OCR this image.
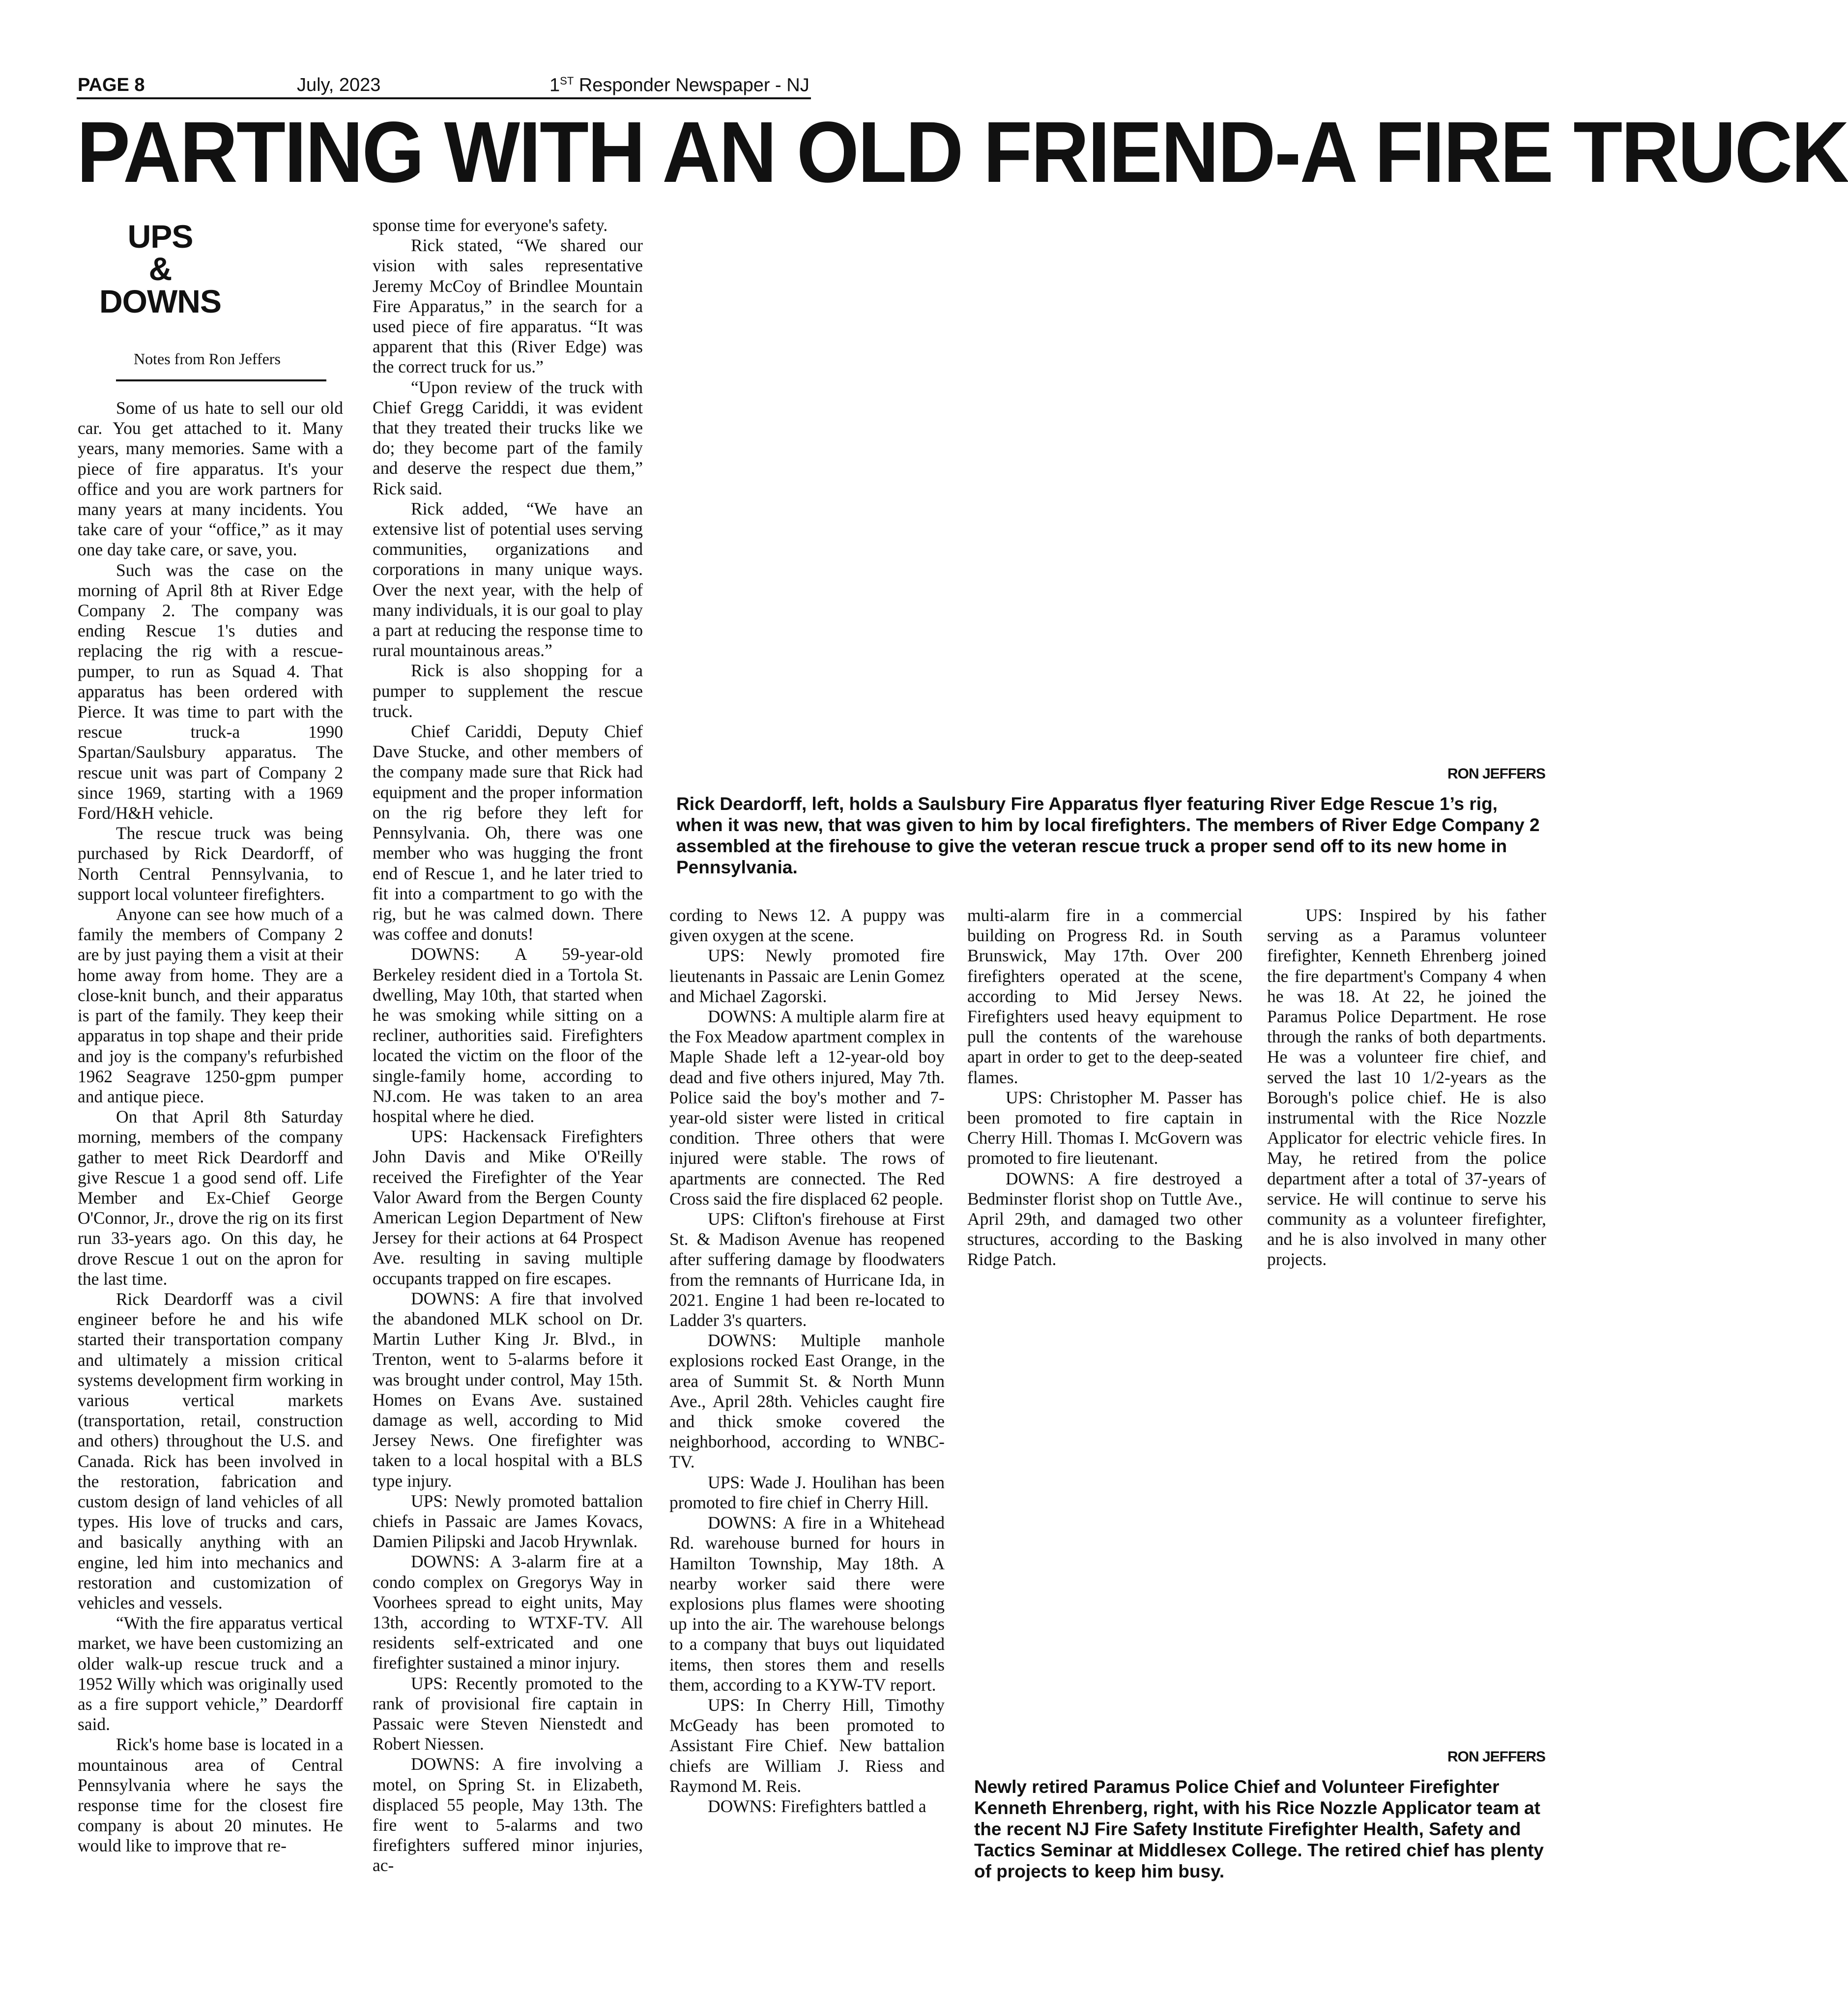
PAGE 8	July, 2023	1ST Responder Newspaper - NJ
PARTING WITH AN OLD FRIEND-A FIRE TRUCK
UPS
&
DOWNS
Notes from Ron Jeffers

Some of us hate to sell our old car. You get attached to it. Many years, many memories. Same with a piece of fire apparatus. It's your office and you are work partners for many years at many incidents. You take care of your “office,” as it may one day take care, or save, you.

Such was the case on the morning of April 8th at River Edge Company 2. The company was ending Rescue 1's duties and replacing the rig with a rescue-pumper, to run as Squad 4. That apparatus has been ordered with Pierce. It was time to part with the rescue truck-a 1990 Spartan/Saulsbury apparatus. The rescue unit was part of Company 2 since 1969, starting with a 1969 Ford/H&H vehicle.

The rescue truck was being purchased by Rick Deardorff, of North Central Pennsylvania, to support local volunteer firefighters.

Anyone can see how much of a family the members of Company 2 are by just paying them a visit at their home away from home. They are a close-knit bunch, and their apparatus is part of the family. They keep their apparatus in top shape and their pride and joy is the company's refurbished 1962 Seagrave 1250-gpm pumper and antique piece.

On that April 8th Saturday morning, members of the company gather to meet Rick Deardorff and give Rescue 1 a good send off. Life Member and Ex-Chief George O'Connor, Jr., drove the rig on its first run 33-years ago. On this day, he drove Rescue 1 out on the apron for the last time.

Rick Deardorff was a civil engineer before he and his wife started their transportation company and ultimately a mission critical systems development firm working in various vertical markets (transportation, retail, construction and others) throughout the U.S. and Canada. Rick has been involved in the restoration, fabrication and custom design of land vehicles of all types. His love of trucks and cars, and basically anything with an engine, led him into mechanics and restoration and customization of vehicles and vessels.

“With the fire apparatus vertical market, we have been customizing an older walk-up rescue truck and a 1952 Willy which was originally used as a fire support vehicle,” Deardorff said.

Rick's home base is located in a mountainous area of Central Pennsylvania where he says the response time for the closest fire company is about 20 minutes. He would like to improve that re-

sponse time for everyone's safety.

Rick stated, “We shared our vision with sales representative Jeremy McCoy of Brindlee Mountain Fire Apparatus,” in the search for a used piece of fire apparatus. “It was apparent that this (River Edge) was the correct truck for us.”

“Upon review of the truck with Chief Gregg Cariddi, it was evident that they treated their trucks like we do; they become part of the family and deserve the respect due them,” Rick said.

Rick added, “We have an extensive list of potential uses serving communities, organizations and corporations in many unique ways. Over the next year, with the help of many individuals, it is our goal to play a part at reducing the response time to rural mountainous areas.”

Rick is also shopping for a pumper to supplement the rescue truck.

Chief Cariddi, Deputy Chief Dave Stucke, and other members of the company made sure that Rick had equipment and the proper information on the rig before they left for Pennsylvania. Oh, there was one member who was hugging the front end of Rescue 1, and he later tried to fit into a compartment to go with the rig, but he was calmed down. There was coffee and donuts!

DOWNS: A 59-year-old Berkeley resident died in a Tortola St. dwelling, May 10th, that started when he was smoking while sitting on a recliner, authorities said. Firefighters located the victim on the floor of the single-family home, according to NJ.com. He was taken to an area hospital where he died.

UPS: Hackensack Firefighters John Davis and Mike O'Reilly received the Firefighter of the Year Valor Award from the Bergen County American Legion Department of New Jersey for their actions at 64 Prospect Ave. resulting in saving multiple occupants trapped on fire escapes.

DOWNS: A fire that involved the abandoned MLK school on Dr. Martin Luther King Jr. Blvd., in Trenton, went to 5-alarms before it was brought under control, May 15th. Homes on Evans Ave. sustained damage as well, according to Mid Jersey News. One firefighter was taken to a local hospital with a BLS type injury.

UPS: Newly promoted battalion chiefs in Passaic are James Kovacs, Damien Pilipski and Jacob Hrywnlak.

DOWNS: A 3-alarm fire at a condo complex on Gregorys Way in Voorhees spread to eight units, May 13th, according to WTXF-TV. All residents self-extricated and one firefighter sustained a minor injury.

UPS: Recently promoted to the rank of provisional fire captain in Passaic were Steven Nienstedt and Robert Niessen.

DOWNS: A fire involving a motel, on Spring St. in Elizabeth, displaced 55 people, May 13th. The fire went to 5-alarms and two firefighters suffered minor injuries, ac-

RON JEFFERS
Rick Deardorff, left, holds a Saulsbury Fire Apparatus flyer featuring River Edge Rescue 1’s rig, when it was new, that was given to him by local firefighters. The members of River Edge Company 2 assembled at the firehouse to give the veteran rescue truck a proper send off to its new home in Pennsylvania.

cording to News 12. A puppy was given oxygen at the scene.

UPS: Newly promoted fire lieutenants in Passaic are Lenin Gomez and Michael Zagorski.

DOWNS: A multiple alarm fire at the Fox Meadow apartment complex in Maple Shade left a 12-year-old boy dead and five others injured, May 7th. Police said the boy's mother and 7-year-old sister were listed in critical condition. Three others that were injured were stable. The rows of apartments are connected. The Red Cross said the fire displaced 62 people.

UPS: Clifton's firehouse at First St. & Madison Avenue has reopened after suffering damage by floodwaters from the remnants of Hurricane Ida, in 2021. Engine 1 had been re-located to Ladder 3's quarters.

DOWNS: Multiple manhole explosions rocked East Orange, in the area of Summit St. & North Munn Ave., April 28th. Vehicles caught fire and thick smoke covered the neighborhood, according to WNBC-TV.

UPS: Wade J. Houlihan has been promoted to fire chief in Cherry Hill.

DOWNS: A fire in a Whitehead Rd. warehouse burned for hours in Hamilton Township, May 18th. A nearby worker said there were explosions plus flames were shooting up into the air. The warehouse belongs to a company that buys out liquidated items, then stores them and resells them, according to a KYW-TV report.

UPS: In Cherry Hill, Timothy McGeady has been promoted to Assistant Fire Chief. New battalion chiefs are William J. Riess and Raymond M. Reis.

DOWNS: Firefighters battled a

multi-alarm fire in a commercial building on Progress Rd. in South Brunswick, May 17th. Over 200 firefighters operated at the scene, according to Mid Jersey News. Firefighters used heavy equipment to pull the contents of the warehouse apart in order to get to the deep-seated flames.

UPS: Christopher M. Passer has been promoted to fire captain in Cherry Hill. Thomas I. McGovern was promoted to fire lieutenant.

DOWNS: A fire destroyed a Bedminster florist shop on Tuttle Ave., April 29th, and damaged two other structures, according to the Basking Ridge Patch.

UPS: Inspired by his father serving as a Paramus volunteer firefighter, Kenneth Ehrenberg joined the fire department's Company 4 when he was 18. At 22, he joined the Paramus Police Department. He rose through the ranks of both departments. He was a volunteer fire chief, and served the last 10 1/2-years as the Borough's police chief. He is also instrumental with the Rice Nozzle Applicator for electric vehicle fires. In May, he retired from the police department after a total of 37-years of service. He will continue to serve his community as a volunteer firefighter, and he is also involved in many other projects.

RON JEFFERS
Newly retired Paramus Police Chief and Volunteer Firefighter Kenneth Ehrenberg, right, with his Rice Nozzle Applicator team at the recent NJ Fire Safety Institute Firefighter Health, Safety and Tactics Seminar at Middlesex College. The retired chief has plenty of projects to keep him busy.
